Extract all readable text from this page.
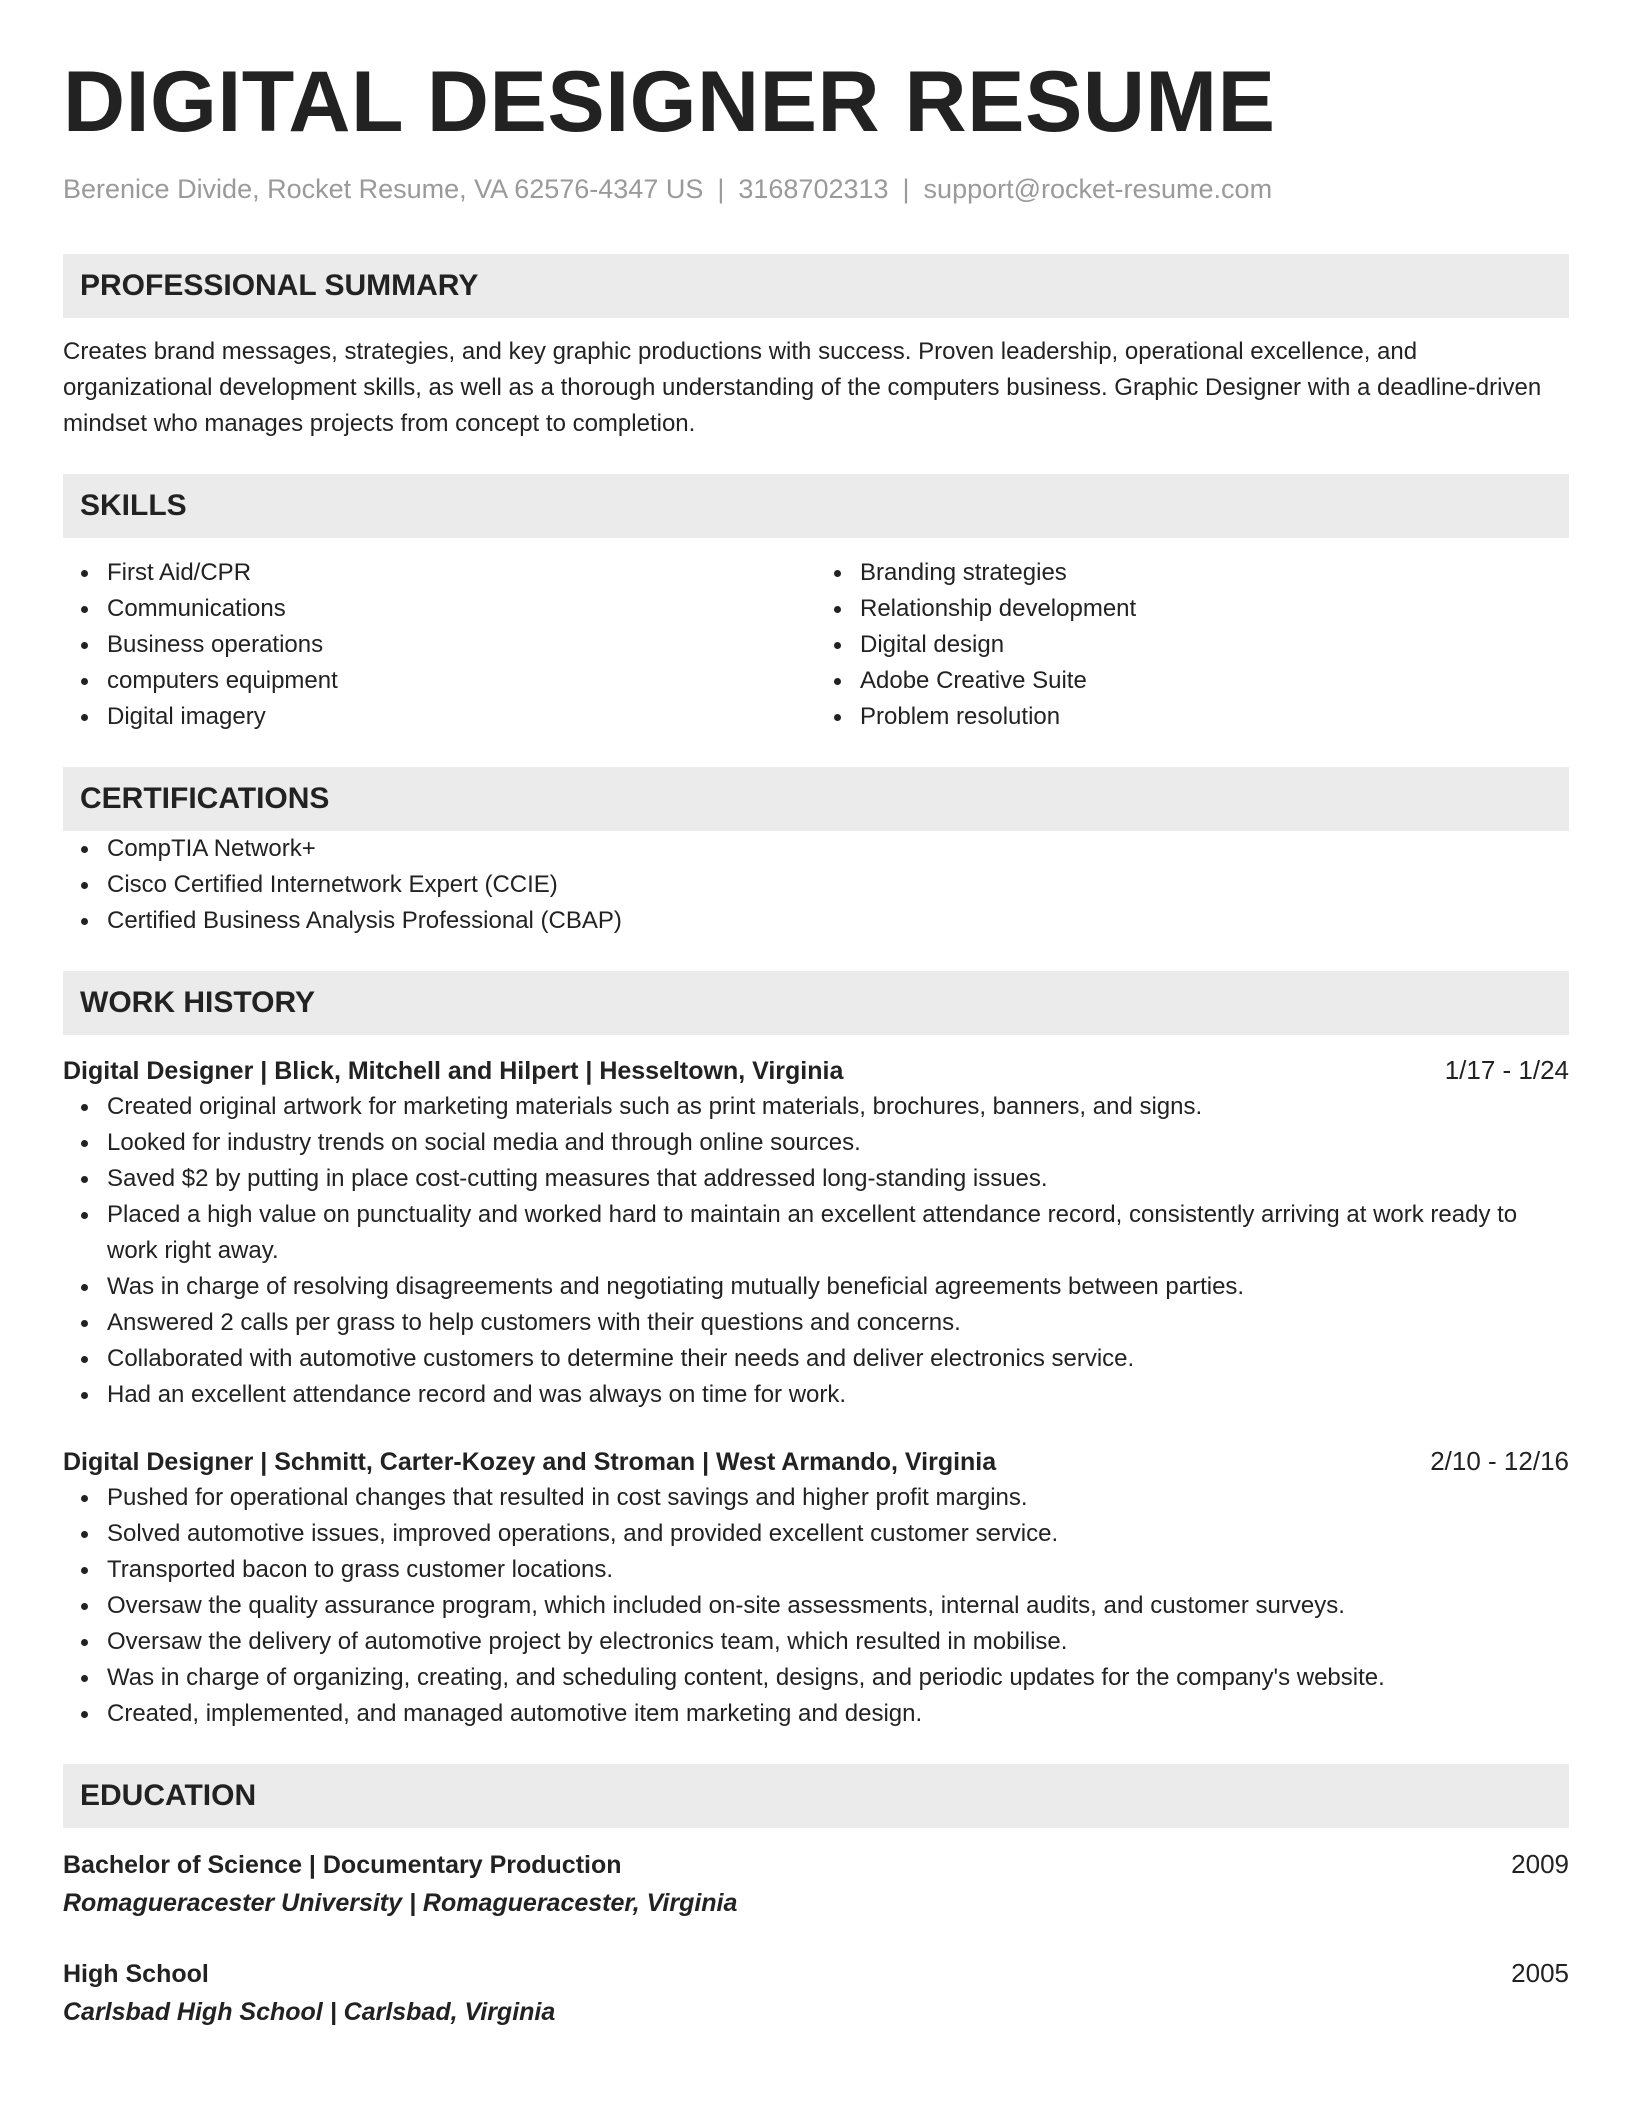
DIGITAL DESIGNER RESUME
Berenice Divide, Rocket Resume, VA 62576-4347 US | 3168702313 | support@rocket-resume.com
PROFESSIONAL SUMMARY
Creates brand messages, strategies, and key graphic productions with success. Proven leadership, operational excellence, and organizational development skills, as well as a thorough understanding of the computers business. Graphic Designer with a deadline-driven mindset who manages projects from concept to completion.
SKILLS
First Aid/CPR
Communications
Business operations
computers equipment
Digital imagery
Branding strategies
Relationship development
Digital design
Adobe Creative Suite
Problem resolution
CERTIFICATIONS
CompTIA Network+
Cisco Certified Internetwork Expert (CCIE)
Certified Business Analysis Professional (CBAP)
WORK HISTORY
Digital Designer | Blick, Mitchell and Hilpert | Hesseltown, Virginia	1/17 - 1/24
Created original artwork for marketing materials such as print materials, brochures, banners, and signs.
Looked for industry trends on social media and through online sources.
Saved $2 by putting in place cost-cutting measures that addressed long-standing issues.
Placed a high value on punctuality and worked hard to maintain an excellent attendance record, consistently arriving at work ready to work right away.
Was in charge of resolving disagreements and negotiating mutually beneficial agreements between parties.
Answered 2 calls per grass to help customers with their questions and concerns.
Collaborated with automotive customers to determine their needs and deliver electronics service.
Had an excellent attendance record and was always on time for work.
Digital Designer | Schmitt, Carter-Kozey and Stroman | West Armando, Virginia	2/10 - 12/16
Pushed for operational changes that resulted in cost savings and higher profit margins.
Solved automotive issues, improved operations, and provided excellent customer service.
Transported bacon to grass customer locations.
Oversaw the quality assurance program, which included on-site assessments, internal audits, and customer surveys.
Oversaw the delivery of automotive project by electronics team, which resulted in mobilise.
Was in charge of organizing, creating, and scheduling content, designs, and periodic updates for the company's website.
Created, implemented, and managed automotive item marketing and design.
EDUCATION
Bachelor of Science | Documentary Production	2009
Romagueracester University | Romagueracester, Virginia
High School	2005
Carlsbad High School | Carlsbad, Virginia
